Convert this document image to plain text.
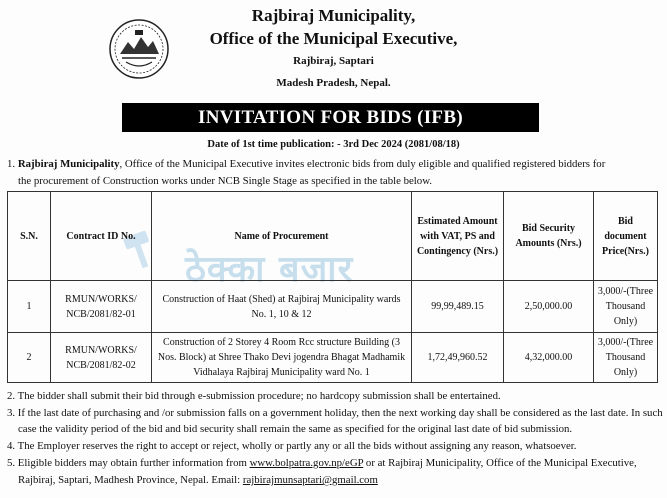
Rajbiraj Municipality,
Office of the Municipal Executive,
Rajbiraj, Saptari
Madesh Pradesh, Nepal.
INVITATION FOR BIDS (IFB)
Date of 1st time publication: - 3rd Dec 2024 (2081/08/18)
1. Rajbiraj Municipality, Office of the Municipal Executive invites electronic bids from duly eligible and qualified registered bidders for
the procurement of Construction works under NCB Single Stage as specified in the table below.
ठेक्का बजार
S.N.	Contract ID No.	Name of Procurement	Estimated Amount with VAT, PS and Contingency (Nrs.)	Bid Security Amounts (Nrs.)	Bid document Price(Nrs.)
1	RMUN/WORKS/ NCB/2081/82-01	Construction of Haat (Shed) at Rajbiraj Municipality wards No. 1, 10 & 12	99,99,489.15	2,50,000.00	3,000/-(Three Thousand Only)
2	RMUN/WORKS/ NCB/2081/82-02	Construction of 2 Storey 4 Room Rcc structure Building (3 Nos. Block) at Shree Thako Devi jogendra Bhagat Madhamik Vidhalaya Rajbiraj Municipality ward No. 1	1,72,49,960.52	4,32,000.00	3,000/-(Three Thousand Only)
2. The bidder shall submit their bid through e-submission procedure; no hardcopy submission shall be entertained.
3. If the last date of purchasing and /or submission falls on a government holiday, then the next working day shall be considered as the last date. In such
case the validity period of the bid and bid security shall remain the same as specified for the original last date of bid submission.
4. The Employer reserves the right to accept or reject, wholly or partly any or all the bids without assigning any reason, whatsoever.
5. Eligible bidders may obtain further information from www.bolpatra.gov.np/eGP or at Rajbiraj Municipality, Office of the Municipal Executive,
Rajbiraj, Saptari, Madhesh Province, Nepal. Email: rajbirajmunsaptari@gmail.com
